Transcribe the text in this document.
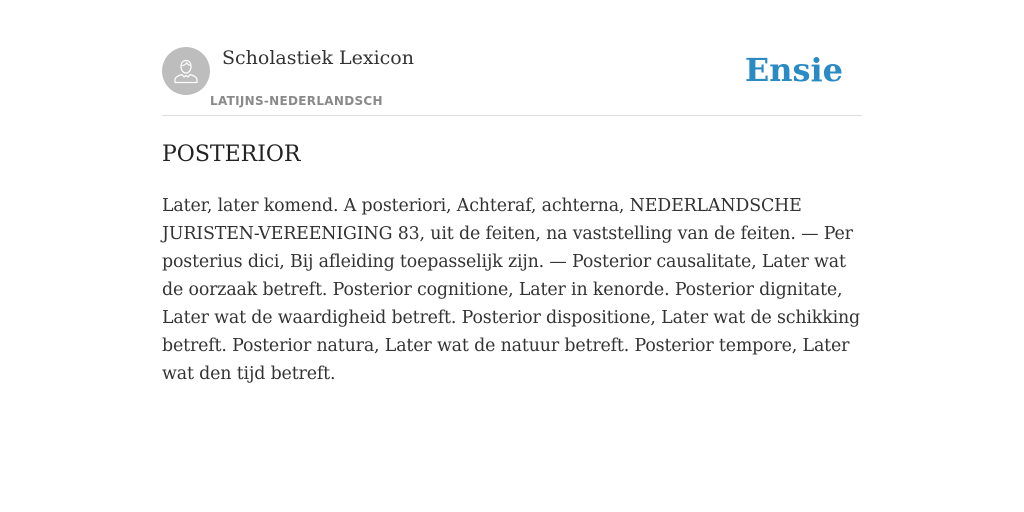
Scholastiek Lexicon
LATIJNS-NEDERLANDSCH
Ensie
POSTERIOR

Later, later komend. A posteriori, Achteraf, achterna, NEDERLANDSCHE JURISTEN-VEREENIGING 83, uit de feiten, na vaststelling van de feiten. — Per posterius dici, Bij afleiding toepasselijk zijn. — Posterior causalitate, Later wat de oorzaak betreft. Posterior cognitione, Later in kenorde. Posterior dignitate, Later wat de waardigheid betreft. Posterior dispositione, Later wat de schikking betreft. Posterior natura, Later wat de natuur betreft. Posterior tempore, Later wat den tijd betreft.
